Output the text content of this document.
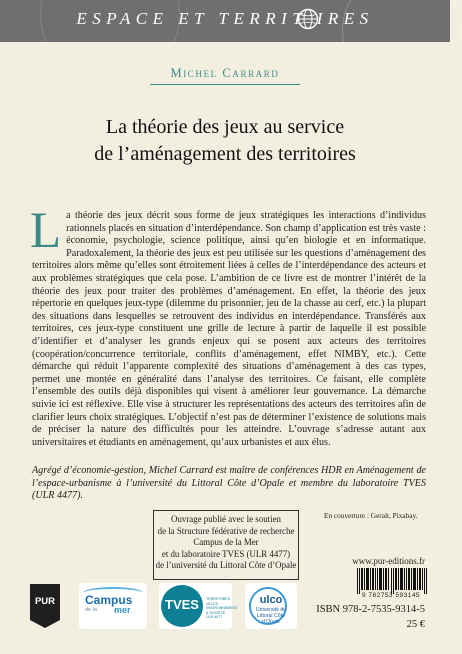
ESPACE ET TERRIT IRES
Michel Carrard
La théorie des jeux au service
de l’aménagement des territoires
La théorie des jeux décrit sous forme de jeux stratégiques les interactions d’individus rationnels placés en situation d’interdépendance. Son champ d’application est très vaste : économie, psychologie, science politique, ainsi qu’en biologie et en informatique. Paradoxalement, la théorie des jeux est peu utilisée sur les questions d’aménagement des territoires alors même qu’elles sont étroitement liées à celles de l’interdépendance des acteurs et aux problèmes stratégiques que cela pose. L’ambition de ce livre est de montrer l’intérêt de la théorie des jeux pour traiter des problèmes d’aménagement. En effet, la théorie des jeux répertorie en quelques jeux-type (dilemme du prisonnier, jeu de la chasse au cerf, etc.) la plupart des situations dans lesquelles se retrouvent des individus en interdépendance. Transférés aux territoires, ces jeux-type constituent une grille de lecture à partir de laquelle il est possible d’identifier et d’analyser les grands enjeux qui se posent aux acteurs des territoires (coopération/concurrence territoriale, conflits d’aménagement, effet NIMBY, etc.). Cette démarche qui réduit l’apparente complexité des situations d’aménagement à des cas types, permet une montée en généralité dans l’analyse des territoires. Ce faisant, elle complète l’ensemble des outils déjà disponibles qui visent à améliorer leur gouvernance. La démarche suivie ici est réflexive. Elle vise à structurer les représentations des acteurs des territoires afin de clarifier leurs choix stratégiques. L’objectif n’est pas de déterminer l’existence de solutions mais de préciser la nature des difficultés pour les atteindre. L’ouvrage s’adresse autant aux universitaires et étudiants en aménagement, qu’aux urbanistes et aux élus.
Agrégé d’économie-gestion, Michel Carrard est maître de conférences HDR en Aménagement de l’espace-urbanisme à l’université du Littoral Côte d’Opale et membre du laboratoire TVES (ULR 4477).
Ouvrage publié avec le soutien
de la Structure fédérative de recherche
Campus de la Mer
et du laboratoire TVES (ULR 4477)
de l’université du Littoral Côte d’Opale
En couverture : Geralt, Pixabay.
www.pur-editions.fr
9 782753 593145
ISBN 978-2-7535-9314-5
25 €
PUR	Campus
de la mer	TVES	TERRITOIRES VILLES ENVIRONNEMENT & SOCIÉTÉ ULR 4477
ulco
Université du Littoral Côte d’Opale
